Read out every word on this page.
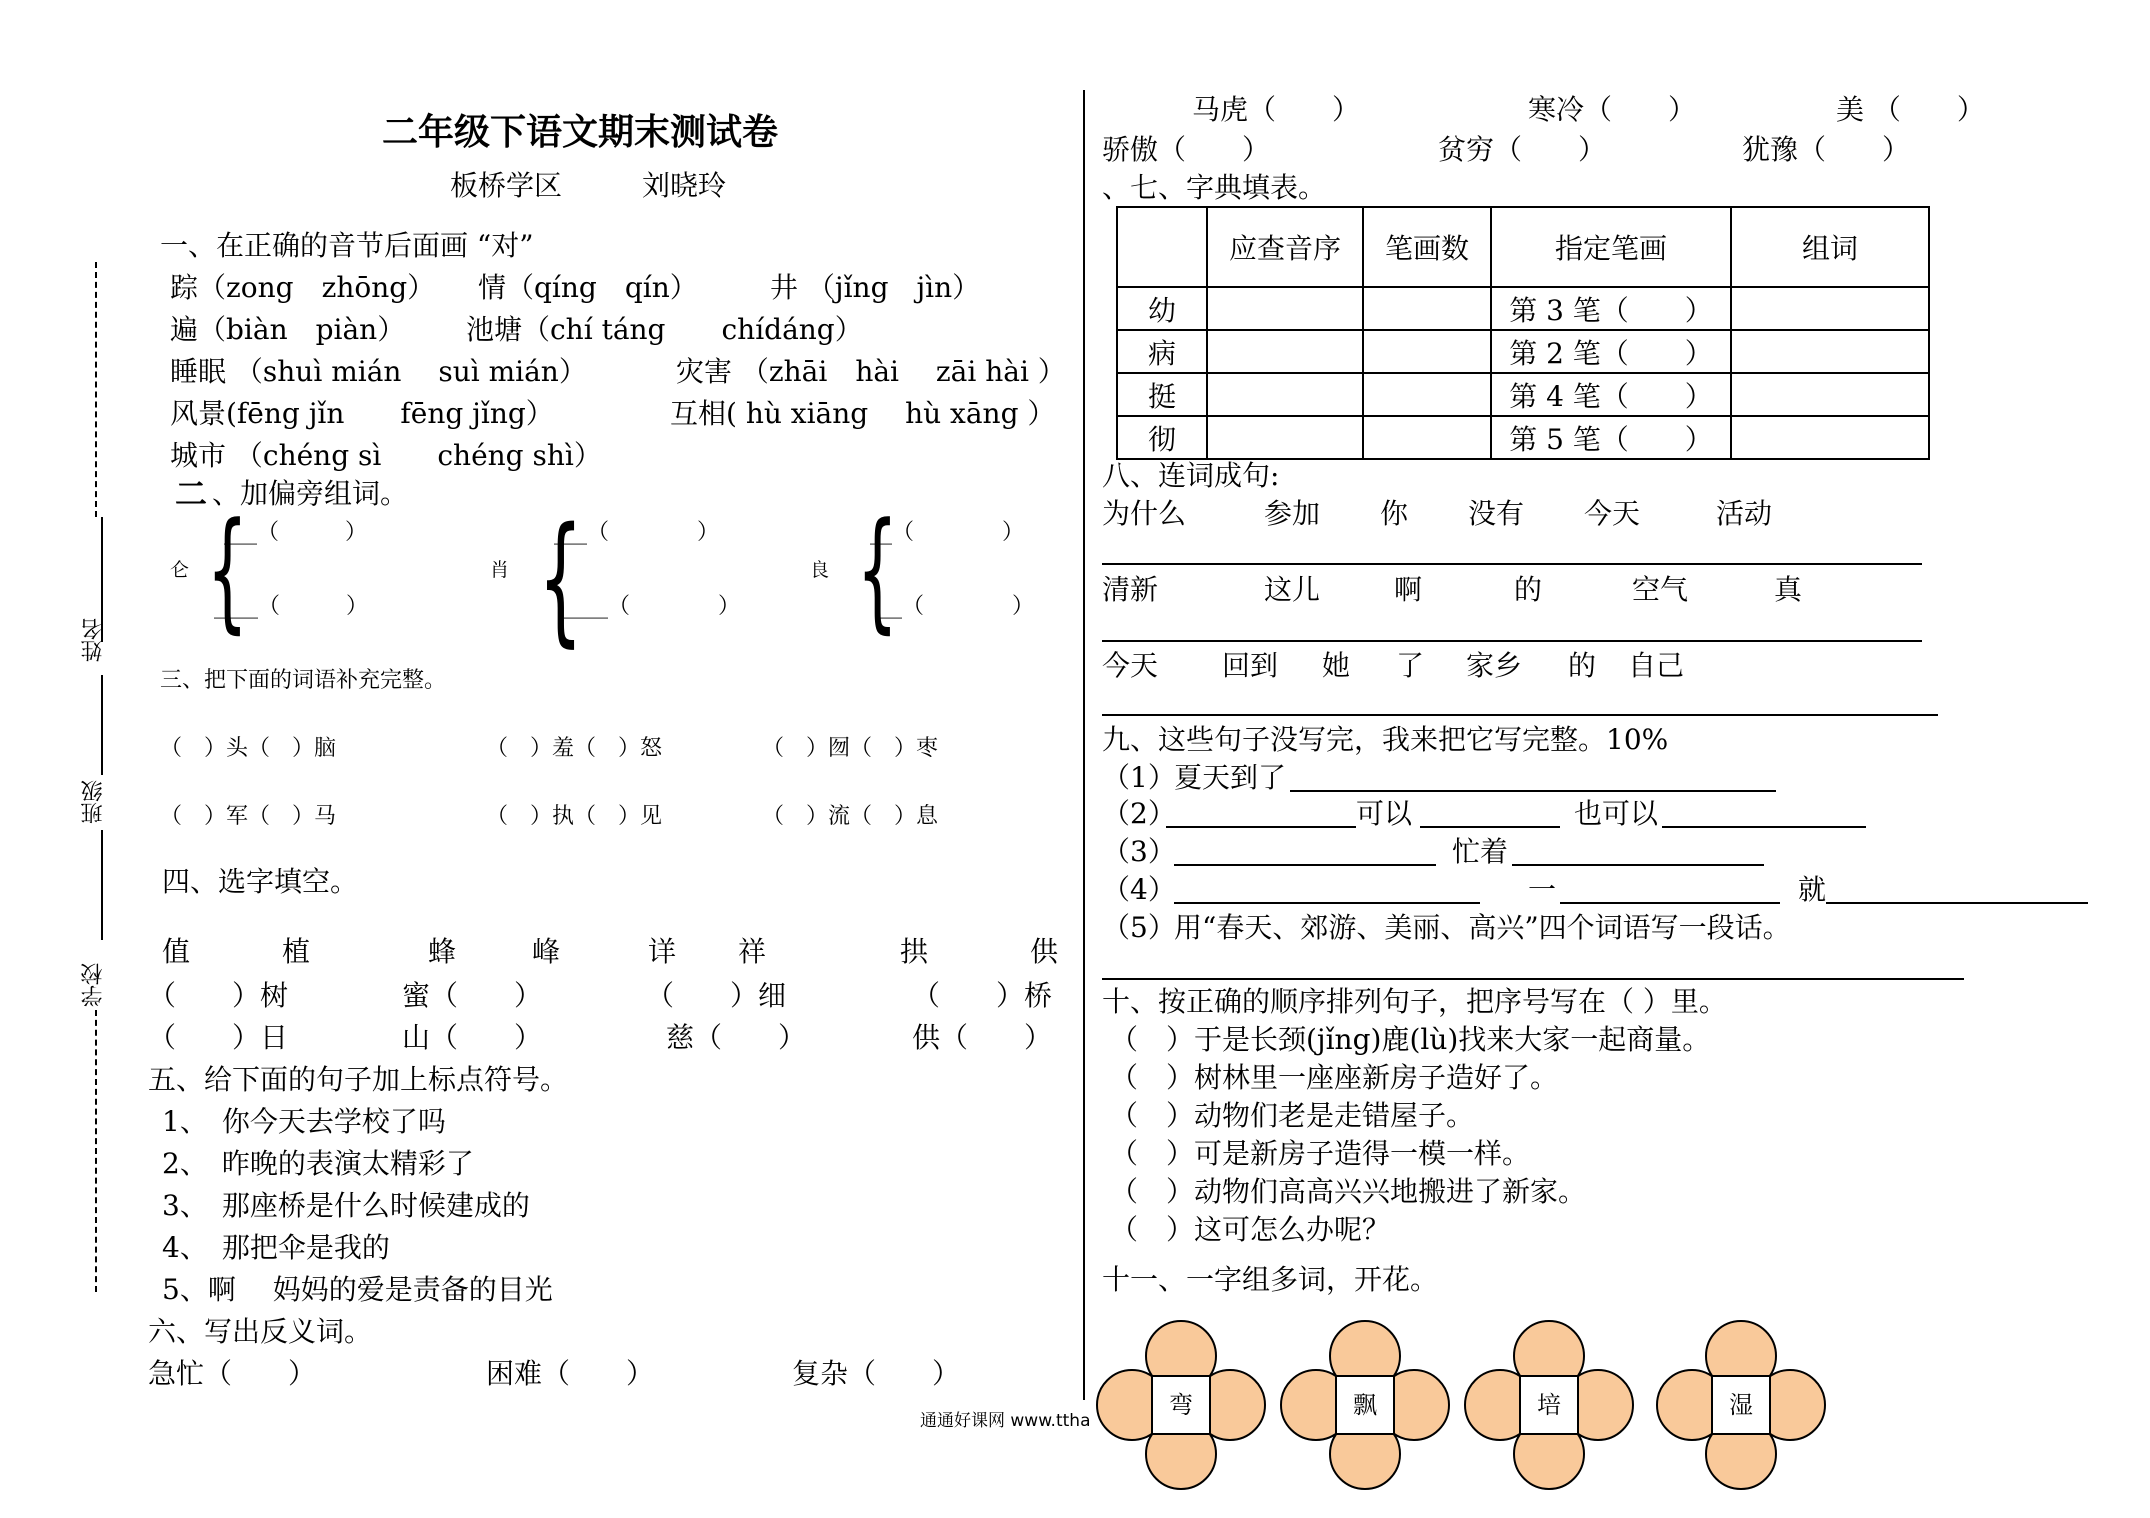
二年级下语文期末测试卷
板桥学区	刘晓玲
姓名
班级
学校
一、在正确的音节后面画 “对”
踪（zong　zhōng） 情（qíng　qín）	井 （jǐng　jìn）
遍（biàn　piàn） 池塘（chí táng　　chídáng）
睡眠 （shuì mián　 suì mián）	灾害 （zhāi　hài　 zāi hài ）
风景(fēng jǐn　　fēng jǐng）	互相( hù xiāng　 hù xāng ）
城市 （chéng sì　　chéng shì）
二 、加偏旁组词。
仑 {
___（　　　）
____（　　　）
肖 {
___（　　　　）
____（　　　　）
良 {
__（　　　　）
__（　　　　）
三、把下面的词语补充完整。
（　）头（　）脑	（　）羞（　）怒	（　）囫（　）枣
（　）军（　）马	（　）执（　）见	（　）流（　）息
四、选字填空。
值	植	蜂	峰	详 祥	拱	供
（　　）树	蜜（　　）	（　　）细	（　　）桥
（　　）日	山（　　）	慈（　　）	供（　　）
五、给下面的句子加上标点符号。
1、　你今天去学校了吗
2、　昨晚的表演太精彩了
3、　那座桥是什么时候建成的
4、　那把伞是我的
5、啊　 妈妈的爱是责备的目光
六、写出反义词。
急忙（　　）	困难（　　）	复杂（　　）
马虎（　　）	寒冷（　　）	美 （　　）
骄傲（　　）	贫穷（　　）	犹豫（　　）
、七、字典填表。
	应查音序	笔画数	指定笔画	组词
幼			第 3 笔（　　）	
病			第 2 笔（　　）	
挺			第 4 笔（　　）	
彻			第 5 笔（　　）	
八、连词成句:
为什么	参加 你 没有 今天	活动
清新	这儿	啊	的	空气	真
今天 回到 她 了 家乡 的 自己
九、这些句子没写完，我来把它写完整。10%
（1）
夏天到了
（2）	可以	也可以
（3）	忙着
（4）	一	就
（5）
用“春天、郊游、美丽、高兴”四个词语写一段话。
十、按正确的顺序排列句子，把序号写在（ ）里。
（　）于是长颈(jǐng)鹿(lù)找来大家一起商量。
（　）树林里一座座新房子造好了。
（　）动物们老是走错屋子。
（　）可是新房子造得一模一样。
（　）动物们高高兴兴地搬进了新家。
（　）这可怎么办呢？
十一、一字组多词，开花。
弯	飘	培	湿
通通好课网 www.ttha
